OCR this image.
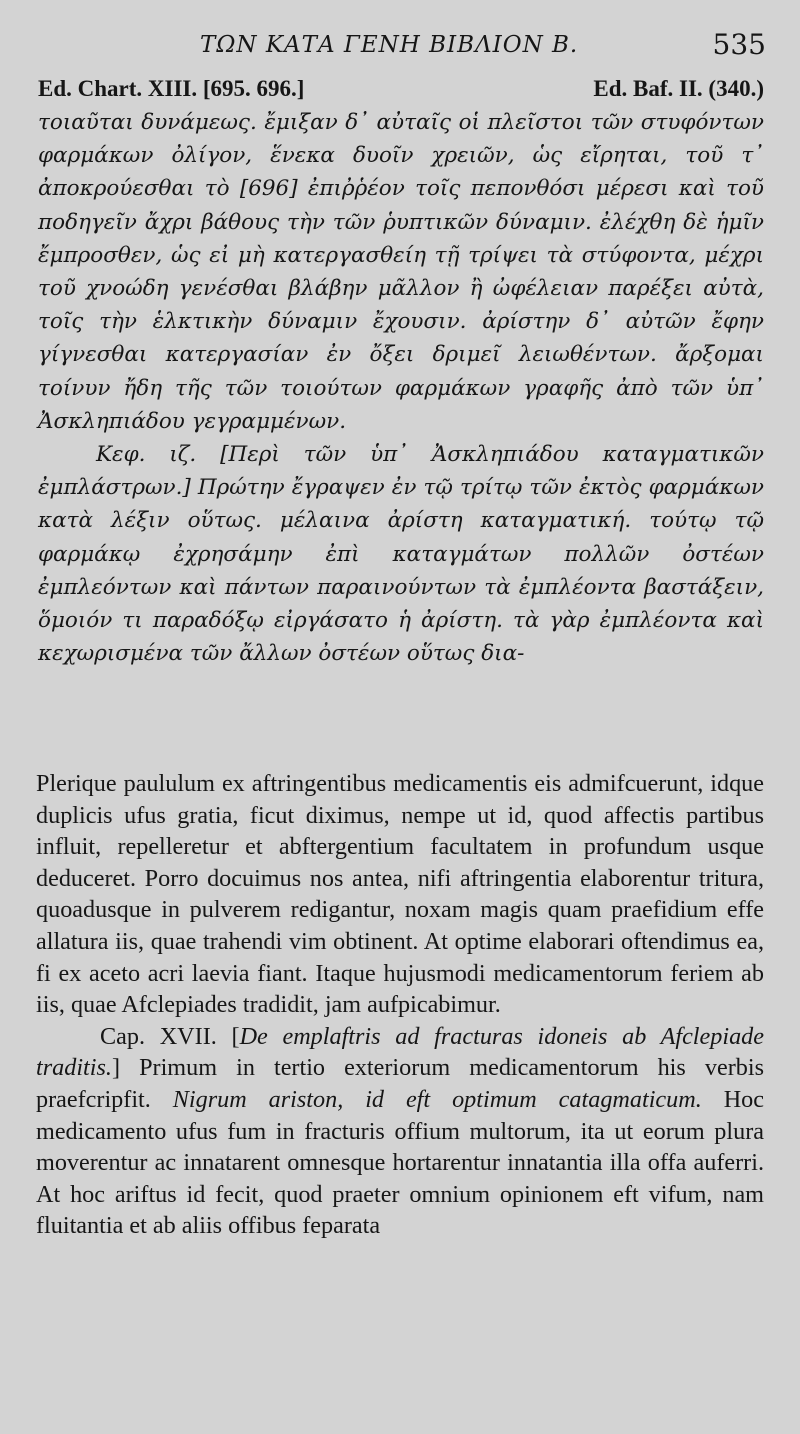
ΤΩΝ ΚΑΤΑ ΓΕΝΗ ΒΙΒΛΙΟΝ Β.	535
Ed. Chart. XIII. [695. 696.]	Ed. Baf. II. (340.)

τοιαῦται δυνάμεως. ἔμιξαν δ᾽ αὐταῖς οἱ πλεῖστοι τῶν στυφόντων φαρμάκων ὀλίγον, ἕνεκα δυοῖν χρειῶν, ὡς εἴρηται, τοῦ τ᾽ ἀποκρούεσθαι τὸ [696] ἐπιῤῥέον τοῖς πεπονθόσι μέρεσι καὶ τοῦ ποδηγεῖν ἄχρι βάθους τὴν τῶν ῥυπτικῶν δύναμιν. ἐλέχθη δὲ ἡμῖν ἔμπροσθεν, ὡς εἰ μὴ κατεργασθείη τῇ τρίψει τὰ στύφοντα, μέχρι τοῦ χνοώδη γενέσθαι βλάβην μᾶλλον ἢ ὠφέλειαν παρέξει αὐτὰ, τοῖς τὴν ἑλκτικὴν δύναμιν ἔχουσιν. ἀρίστην δ᾽ αὐτῶν ἔφην γίγνεσθαι κατεργασίαν ἐν ὄξει δριμεῖ λειωθέντων. ἄρξομαι τοίνυν ἤδη τῆς τῶν τοιούτων φαρμάκων γραφῆς ἀπὸ τῶν ὑπ᾽ Ἀσκληπιάδου γεγραμμένων.

Κεφ. ιζ. [Περὶ τῶν ὑπ᾽ Ἀσκληπιάδου καταγματικῶν ἐμπλάστρων.] Πρώτην ἔγραψεν ἐν τῷ τρίτῳ τῶν ἐκτὸς φαρμάκων κατὰ λέξιν οὕτως. μέλαινα ἀρίστη καταγματική. τούτῳ τῷ φαρμάκῳ ἐχρησάμην ἐπὶ καταγμάτων πολλῶν ὀστέων ἐμπλεόντων καὶ πάντων παραινούντων τὰ ἐμπλέοντα βαστάξειν, ὅμοιόν τι παραδόξῳ εἰργάσατο ἡ ἀρίστη. τὰ γὰρ ἐμπλέοντα καὶ κεχωρισμένα τῶν ἄλλων ὀστέων οὕτως δια-

Plerique paululum ex aftringentibus medicamentis eis admifcuerunt, idque duplicis ufus gratia, ficut diximus, nempe ut id, quod affectis partibus influit, repelleretur et abftergentium facultatem in profundum usque deduceret. Porro docuimus nos antea, nifi aftringentia elaborentur tritura, quoadusque in pulverem redigantur, noxam magis quam praefidium effe allatura iis, quae trahendi vim obtinent. At optime elaborari oftendimus ea, fi ex aceto acri laevia fiant. Itaque hujusmodi medicamentorum feriem ab iis, quae Afclepiades tradidit, jam aufpicabimur.

Cap. XVII. [De emplaftris ad fracturas idoneis ab Afclepiade traditis.] Primum in tertio exteriorum medicamentorum his verbis praefcripfit. Nigrum ariston, id eft optimum catagmaticum. Hoc medicamento ufus fum in fracturis offium multorum, ita ut eorum plura moverentur ac innatarent omnesque hortarentur innatantia illa offa auferri. At hoc ariftus id fecit, quod praeter omnium opinionem eft vifum, nam fluitantia et ab aliis offibus feparata
